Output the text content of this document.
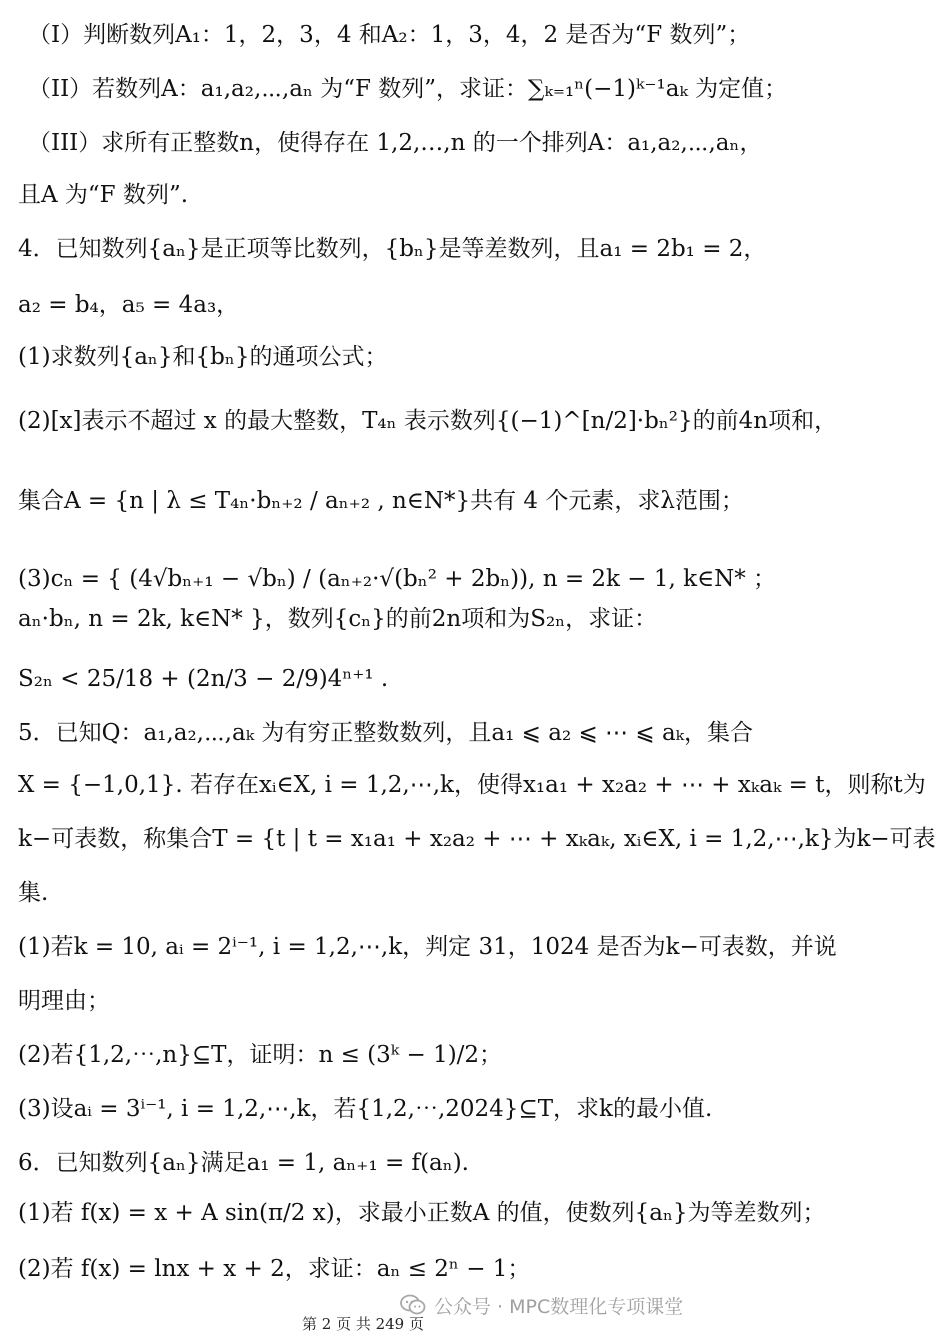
（I）判断数列A₁：1，2，3，4 和A₂：1，3，4，2 是否为“F 数列”；
（II）若数列A：a₁,a₂,⋯,aₙ 为“F 数列”，求证：∑ₖ₌₁ⁿ(−1)ᵏ⁻¹aₖ 为定值；
（III）求所有正整数n，使得存在 1,2,…,n 的一个排列A：a₁,a₂,⋯,aₙ，
且A 为“F 数列”.
4．已知数列{aₙ}是正项等比数列，{bₙ}是等差数列，且a₁ = 2b₁ = 2，
a₂ = b₄，a₅ = 4a₃，
(1)求数列{aₙ}和{bₙ}的通项公式；
(2)[x]表示不超过 x 的最大整数，T₄ₙ 表示数列{(−1)^[n/2]·bₙ²}的前4n项和，
集合A = {n | λ ≤ T₄ₙ·bₙ₊₂ / aₙ₊₂ , n∈N*}共有 4 个元素，求λ范围；
(3)cₙ = { (4√bₙ₊₁ − √bₙ) / (aₙ₊₂·√(bₙ² + 2bₙ)), n = 2k − 1, k∈N* ；
aₙ·bₙ, n = 2k, k∈N* }，数列{cₙ}的前2n项和为S₂ₙ，求证：
S₂ₙ < 25/18 + (2n/3 − 2/9)4ⁿ⁺¹ .
5．已知Q：a₁,a₂,⋯,aₖ 为有穷正整数数列，且a₁ ⩽ a₂ ⩽ ⋯ ⩽ aₖ，集合
X = {−1,0,1}. 若存在xᵢ∈X, i = 1,2,⋯,k，使得x₁a₁ + x₂a₂ + ⋯ + xₖaₖ = t，则称t为
k−可表数，称集合T = {t | t = x₁a₁ + x₂a₂ + ⋯ + xₖaₖ, xᵢ∈X, i = 1,2,⋯,k}为k−可表
集.
(1)若k = 10, aᵢ = 2ⁱ⁻¹, i = 1,2,⋯,k，判定 31，1024 是否为k−可表数，并说
明理由；
(2)若{1,2,⋯,n}⊆T，证明：n ≤ (3ᵏ − 1)/2；
(3)设aᵢ = 3ⁱ⁻¹, i = 1,2,⋯,k，若{1,2,⋯,2024}⊆T，求k的最小值.
6．已知数列{aₙ}满足a₁ = 1, aₙ₊₁ = f(aₙ).
(1)若 f(x) = x + A sin(π/2 x)，求最小正数A 的值，使数列{aₙ}为等差数列；
(2)若 f(x) = lnx + x + 2，求证：aₙ ≤ 2ⁿ − 1；
公众号 · MPC数理化专项课堂
第 2 页 共 249 页
